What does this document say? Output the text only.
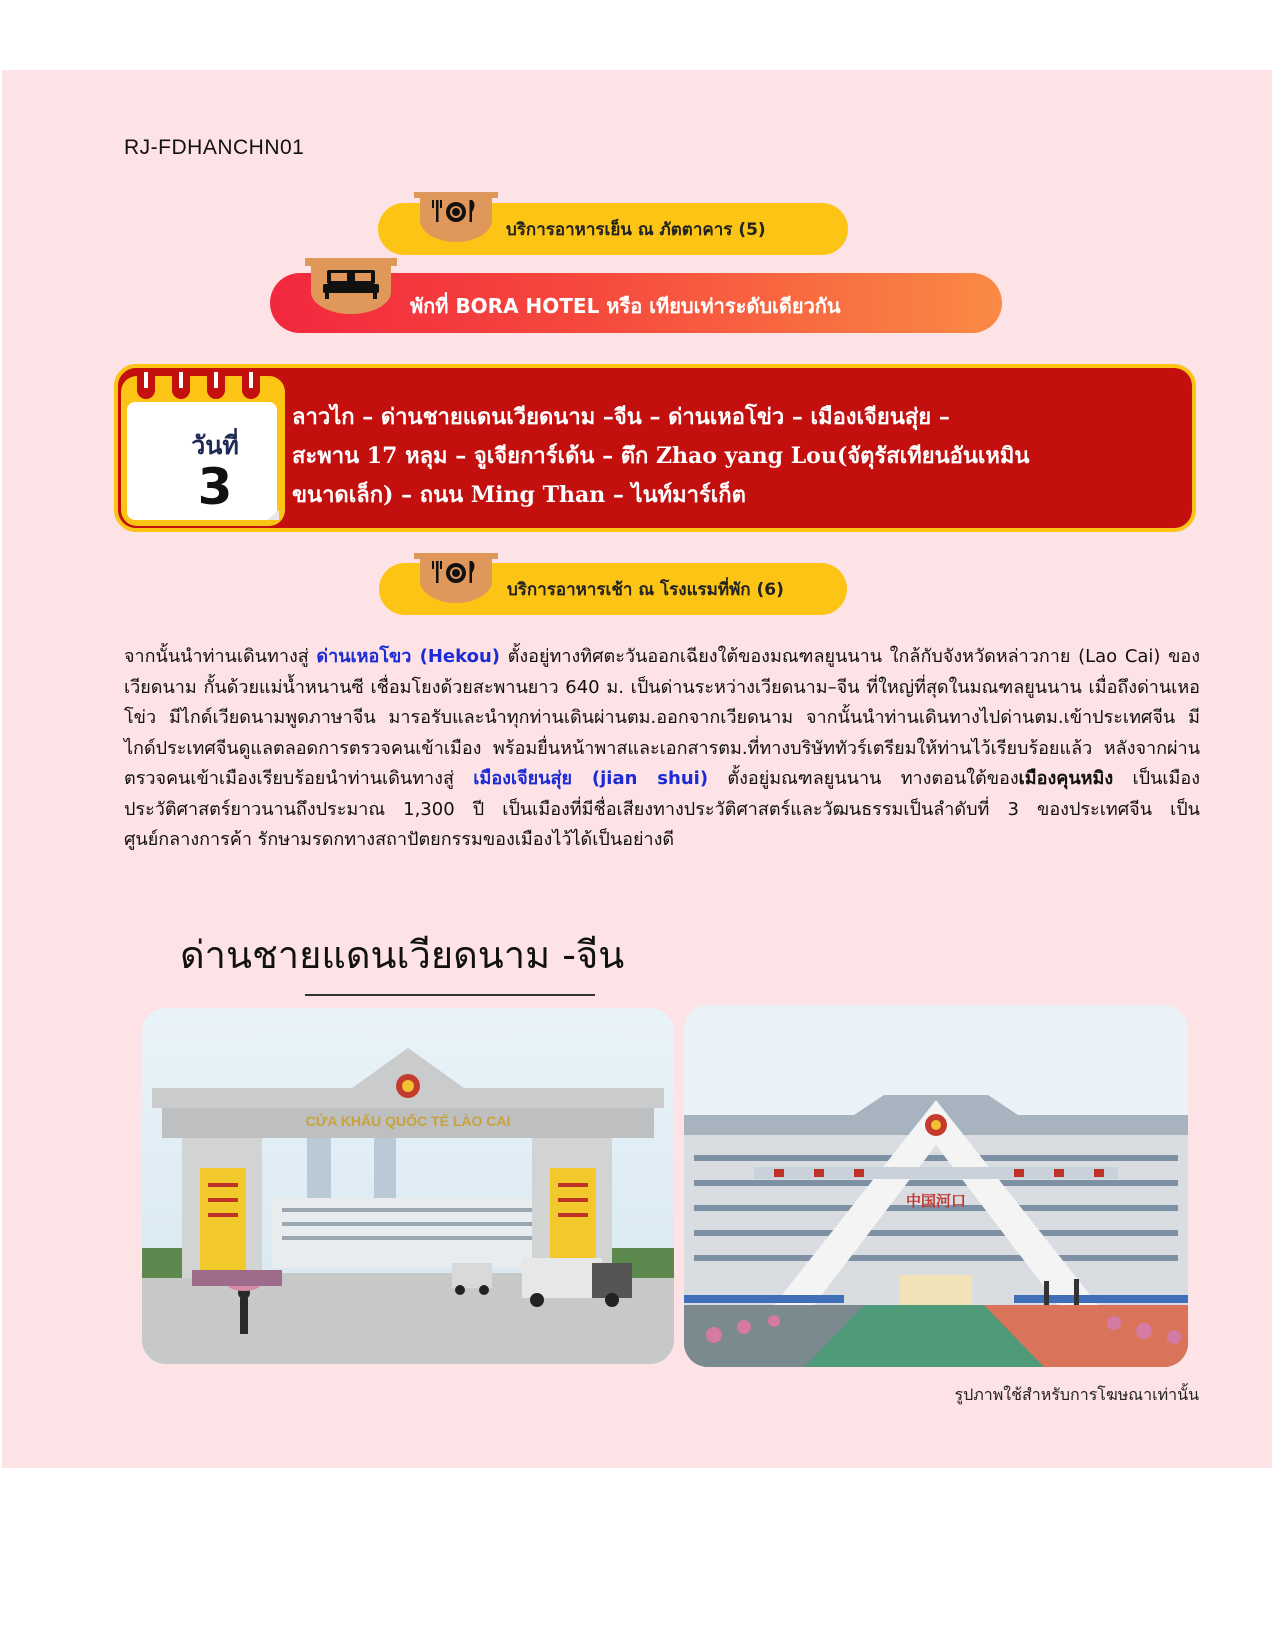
RJ-FDHANCHN01
บริการอาหารเย็น ณ ภัตตาคาร (5)
พักที่ BORA HOTEL หรือ เทียบเท่าระดับเดียวกัน
วันที่
3
ลาวไก – ด่านชายแดนเวียดนาม –จีน – ด่านเหอโข่ว – เมืองเจียนสุ่ย –
สะพาน 17 หลุม – จูเจียการ์เด้น – ตึก Zhao yang Lou(จัตุรัสเทียนอันเหมิน
ขนาดเล็ก) – ถนน Ming Than – ไนท์มาร์เก็ต
บริการอาหารเช้า ณ โรงแรมที่พัก (6)

จากนั้นนำท่านเดินทางสู่ ด่านเหอโขว (Hekou) ตั้งอยู่ทางทิศตะวันออกเฉียงใต้ของมณฑลยูนนาน ใกล้กับจังหวัดหล่าวกาย (Lao Cai) ของเวียดนาม กั้นด้วยแม่น้ำหนานซี เชื่อมโยงด้วยสะพานยาว 640 ม. เป็นด่านระหว่างเวียดนาม–จีน ที่ใหญ่ที่สุดในมณฑลยูนนาน เมื่อถึงด่านเหอโข่ว มีไกด์เวียดนามพูดภาษาจีน มารอรับและนำทุกท่านเดินผ่านตม.ออกจากเวียดนาม จากนั้นนำท่านเดินทางไปด่านตม.เข้าประเทศจีน มีไกด์ประเทศจีนดูแลตลอดการตรวจคนเข้าเมือง พร้อมยื่นหน้าพาสและเอกสารตม.ที่ทางบริษัททัวร์เตรียมให้ท่านไว้เรียบร้อยแล้ว หลังจากผ่านตรวจคนเข้าเมืองเรียบร้อยนำท่านเดินทางสู่ เมืองเจียนสุ่ย (jian shui) ตั้งอยู่มณฑลยูนนาน ทางตอนใต้ของเมืองคุนหมิง เป็นเมืองประวัติศาสตร์ยาวนานถึงประมาณ 1,300 ปี เป็นเมืองที่มีชื่อเสียงทางประวัติศาสตร์และวัฒนธรรมเป็นลำดับที่ 3 ของประเทศจีน เป็นศูนย์กลางการค้า รักษามรดกทางสถาปัตยกรรมของเมืองไว้ได้เป็นอย่างดี

ด่านชายแดนเวียดนาม -จีน
CỬA KHẨU QUỐC TẾ LÀO CAI
中国河口
รูปภาพใช้สำหรับการโฆษณาเท่านั้น
